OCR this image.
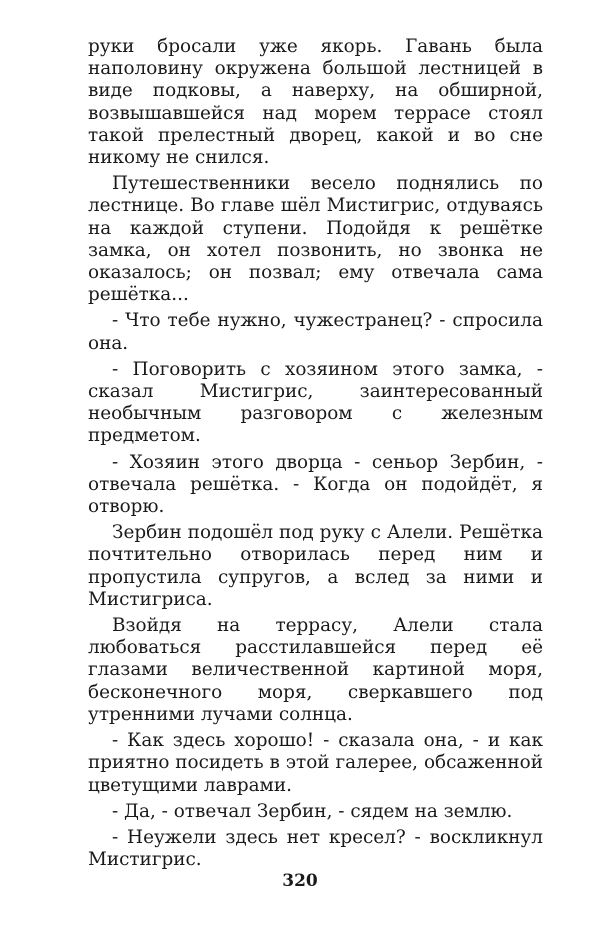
руки бросали уже якорь. Гавань была наполовину окружена большой лестницей в виде подковы, а наверху, на обширной, возвышавшейся над морем террасе стоял такой прелестный дворец, какой и во сне никому не снился.

Путешественники весело поднялись по лестнице. Во главе шёл Мистигрис, отдуваясь на каждой ступени. Подойдя к решётке замка, он хотел позвонить, но звонка не оказалось; он позвал; ему отвечала сама решётка...

- Что тебе нужно, чужестранец? - спросила она.

- Поговорить с хозяином этого замка, - сказал Мистигрис, заинтересованный необычным разговором с железным предметом.

- Хозяин этого дворца - сеньор Зербин, - отвечала решётка. - Когда он подойдёт, я отворю.

Зербин подошёл под руку с Алели. Решётка почтительно отворилась перед ним и пропустила супругов, а вслед за ними и Мистигриса.

Взойдя на террасу, Алели стала любоваться расстилавшейся перед её глазами величественной картиной моря, бесконечного моря, сверкавшего под утренними лучами солнца.

- Как здесь хорошо! - сказала она, - и как приятно посидеть в этой галерее, обсаженной цветущими лаврами.

- Да, - отвечал Зербин, - сядем на землю.

- Неужели здесь нет кресел? - воскликнул Мистигрис.

320
